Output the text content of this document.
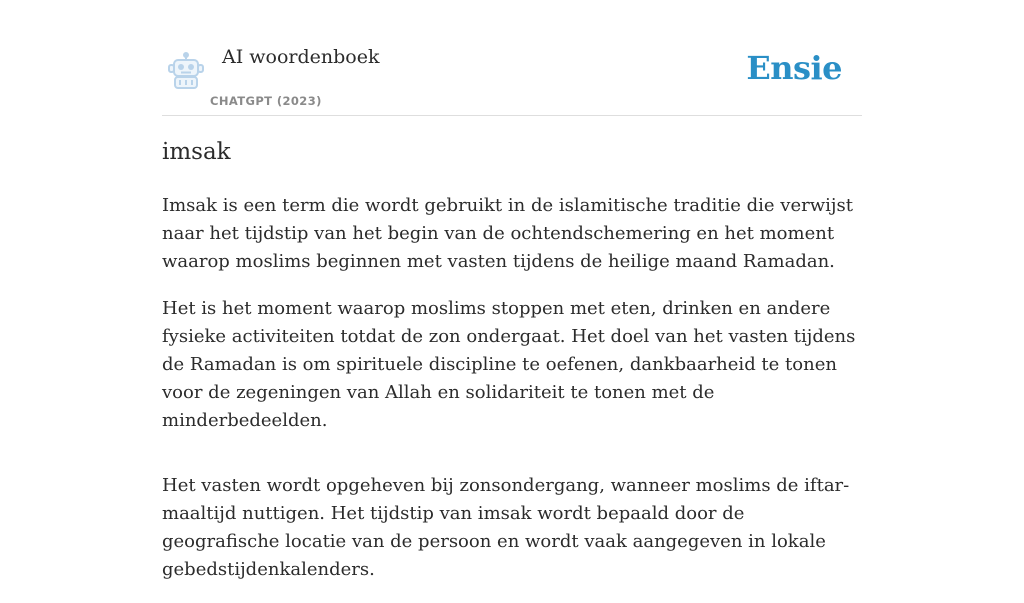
AI woordenboek
CHATGPT (2023)
Ensie
imsak

Imsak is een term die wordt gebruikt in de islamitische traditie die verwijst naar het tijdstip van het begin van de ochtendschemering en het moment waarop moslims beginnen met vasten tijdens de heilige maand Ramadan.

Het is het moment waarop moslims stoppen met eten, drinken en andere fysieke activiteiten totdat de zon ondergaat. Het doel van het vasten tijdens de Ramadan is om spirituele discipline te oefenen, dankbaarheid te tonen voor de zegeningen van Allah en solidariteit te tonen met de minderbedeelden.

Het vasten wordt opgeheven bij zonsondergang, wanneer moslims de iftar-maaltijd nuttigen. Het tijdstip van imsak wordt bepaald door de geografische locatie van de persoon en wordt vaak aangegeven in lokale gebedstijdenkalenders.
